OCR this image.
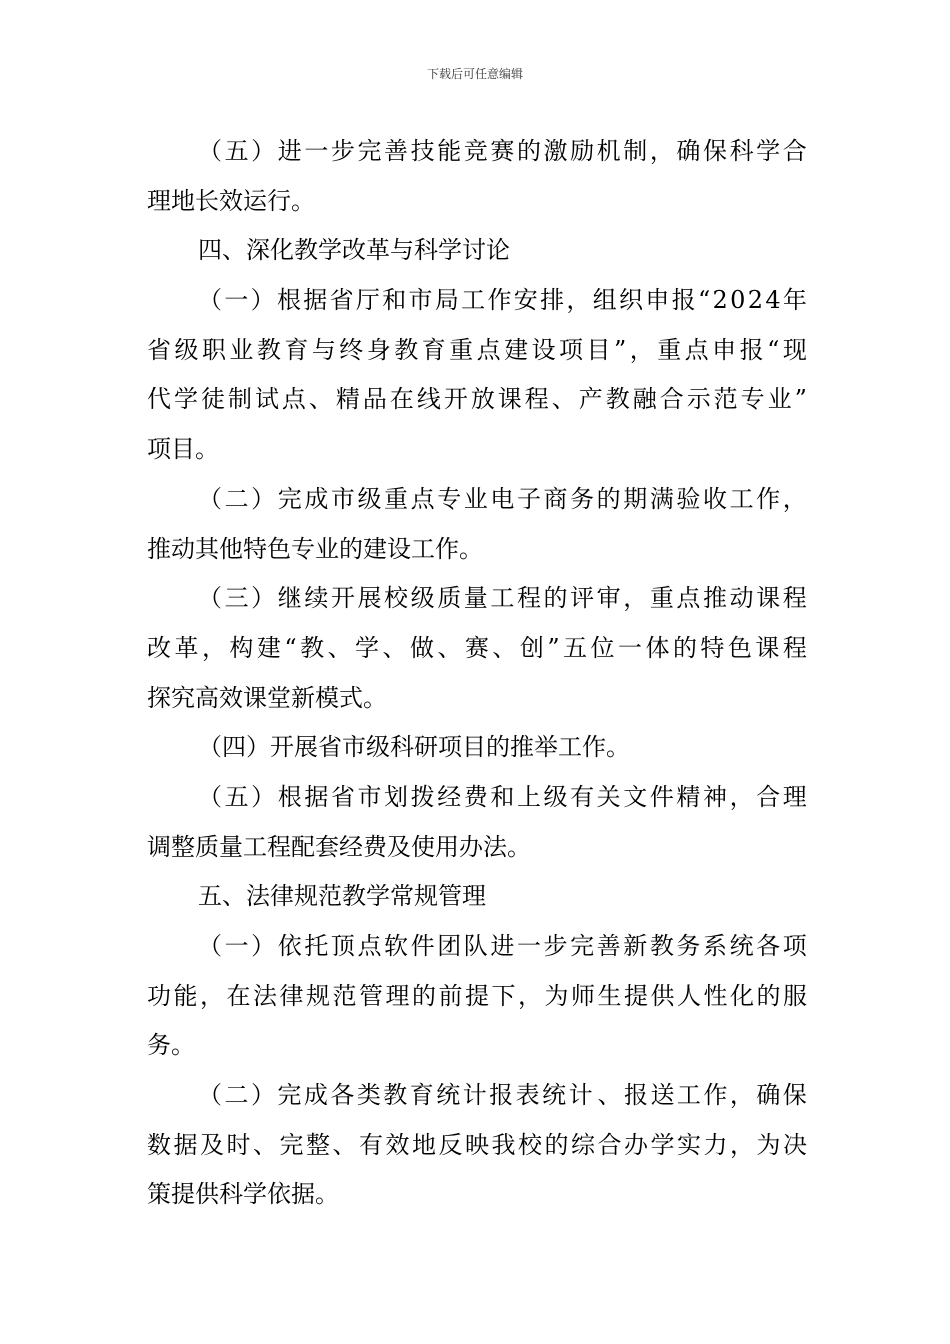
下载后可任意编辑
（ 五 ） 进 一 步 完 善 技 能 竞 赛 的 激 励 机 制 ， 确 保 科 学 合
理地长效运行。
四、深化教学改革与科学讨论
（ 一 ） 根 据 省 厅 和 市 局 工 作 安 排 ， 组 织 申 报 “ 2 0 2 4 年
省 级 职 业 教 育 与 终 身 教 育 重 点 建 设 项 目 ” ， 重 点 申 报 “ 现
代 学 徒 制 试 点 、 精 品 在 线 开 放 课 程 、 产 教 融 合 示 范 专 业 ”
项目。
（ 二 ） 完 成 市 级 重 点 专 业 电 子 商 务 的 期 满 验 收 工 作 ，
推动其他特色专业的建设工作。
（ 三 ） 继 续 开 展 校 级 质 量 工 程 的 评 审 ， 重 点 推 动 课 程
改 革 ， 构 建 “ 教 、 学 、 做 、 赛 、 创 ” 五 位 一 体 的 特 色 课 程
探究高效课堂新模式。
（四）开展省市级科研项目的推举工作。
（ 五 ） 根 据 省 市 划 拨 经 费 和 上 级 有 关 文 件 精 神 ， 合 理
调整质量工程配套经费及使用办法。
五、法律规范教学常规管理
（ 一 ） 依 托 顶 点 软 件 团 队 进 一 步 完 善 新 教 务 系 统 各 项
功 能 ， 在 法 律 规 范 管 理 的 前 提 下 ， 为 师 生 提 供 人 性 化 的 服
务。
（ 二 ） 完 成 各 类 教 育 统 计 报 表 统 计 、 报 送 工 作 ， 确 保
数 据 及 时 、 完 整 、 有 效 地 反 映 我 校 的 综 合 办 学 实 力 ， 为 决
策提供科学依据。
